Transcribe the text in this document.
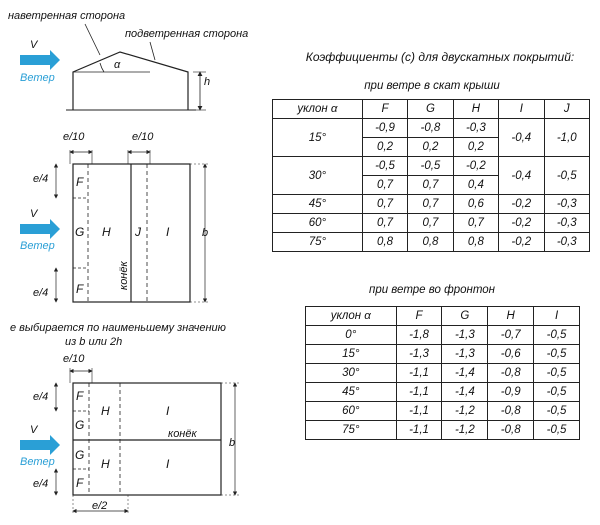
наветренная сторона
подветренная сторона
α
h
V
Ветер
e/10	e/10
F
G H J I
F	конёк
e/4
e/4
b
V
Ветер
e выбирается по наименьшему значению
из b или 2h
e/10
F
G
H	I
конёк
G
H	I
F
e/4
e/4
b
e/2
V
Ветер
Коэффициенты (с) для двускатных покрытий:
при ветре в скат крыши
уклон α	F	G	H	I	J
15°	-0,9	-0,8	-0,3	-0,4	-1,0
	0,2	0,2	0,2		
30°	-0,5	-0,5	-0,2	-0,4	-0,5
	0,7	0,7	0,4		
45°	0,7	0,7	0,6	-0,2	-0,3
60°	0,7	0,7	0,7	-0,2	-0,3
75°	0,8	0,8	0,8	-0,2	-0,3
при ветре во фронтон
уклон α	F	G	H	I
0°	-1,8	-1,3	-0,7	-0,5
15°	-1,3	-1,3	-0,6	-0,5
30°	-1,1	-1,4	-0,8	-0,5
45°	-1,1	-1,4	-0,9	-0,5
60°	-1,1	-1,2	-0,8	-0,5
75°	-1,1	-1,2	-0,8	-0,5
